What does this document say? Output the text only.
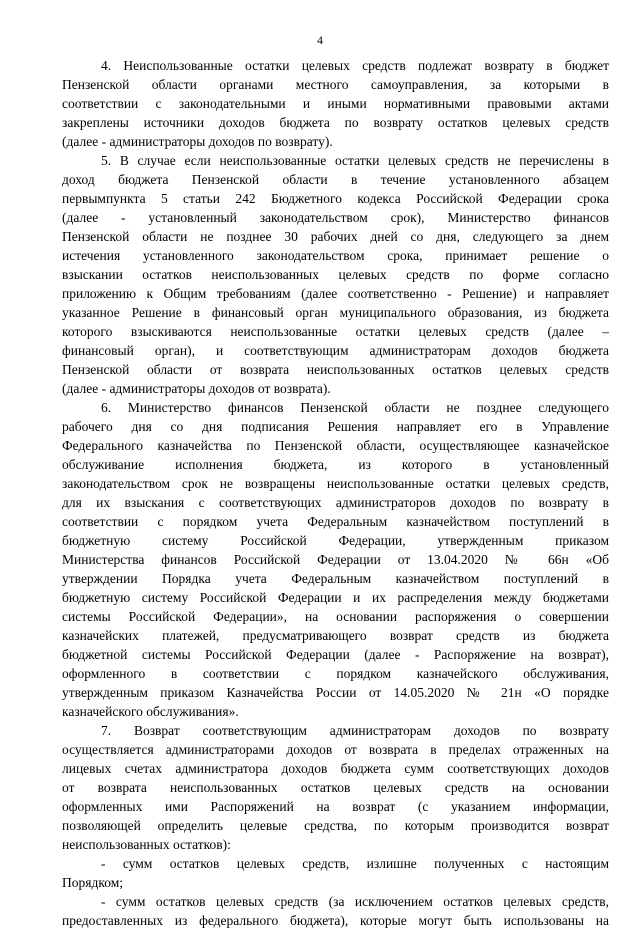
4
4. Неиспользованные остатки целевых средств подлежат возврату в бюджет
Пензенской области органами местного самоуправления, за которыми в
соответствии с законодательными и иными нормативными правовыми актами
закреплены источники доходов бюджета по возврату остатков целевых средств
(далее - администраторы доходов по возврату).
5. В случае если неиспользованные остатки целевых средств не перечислены в
доход бюджета Пензенской области в течение установленного абзацем
первымпункта 5 статьи 242 Бюджетного кодекса Российской Федерации срока
(далее - установленный законодательством срок), Министерство финансов
Пензенской области не позднее 30 рабочих дней со дня, следующего за днем
истечения установленного законодательством срока, принимает решение о
взыскании остатков неиспользованных целевых средств по форме согласно
приложению к Общим требованиям (далее соответственно - Решение) и направляет
указанное Решение в финансовый орган муниципального образования, из бюджета
которого взыскиваются неиспользованные остатки целевых средств (далее –
финансовый орган), и соответствующим администраторам доходов бюджета
Пензенской области от возврата неиспользованных остатков целевых средств
(далее - администраторы доходов от возврата).
6. Министерство финансов Пензенской области не позднее следующего
рабочего дня со дня подписания Решения направляет его в Управление
Федерального казначейства по Пензенской области, осуществляющее казначейское
обслуживание исполнения бюджета, из которого в установленный
законодательством срок не возвращены неиспользованные остатки целевых средств,
для их взыскания с соответствующих администраторов доходов по возврату в
соответствии с порядком учета Федеральным казначейством поступлений в
бюджетную систему Российской Федерации, утвержденным приказом
Министерства финансов Российской Федерации от 13.04.2020 № 66н «Об
утверждении Порядка учета Федеральным казначейством поступлений в
бюджетную систему Российской Федерации и их распределения между бюджетами
системы Российской Федерации», на основании распоряжения о совершении
казначейских платежей, предусматривающего возврат средств из бюджета
бюджетной системы Российской Федерации (далее - Распоряжение на возврат),
оформленного в соответствии с порядком казначейского обслуживания,
утвержденным приказом Казначейства России от 14.05.2020 № 21н «О порядке
казначейского обслуживания».
7. Возврат соответствующим администраторам доходов по возврату
осуществляется администраторами доходов от возврата в пределах отраженных на
лицевых счетах администратора доходов бюджета сумм соответствующих доходов
от возврата неиспользованных остатков целевых средств на основании
оформленных ими Распоряжений на возврат (с указанием информации,
позволяющей определить целевые средства, по которым производится возврат
неиспользованных остатков):
- сумм остатков целевых средств, излишне полученных с настоящим
Порядком;
- сумм остатков целевых средств (за исключением остатков целевых средств,
предоставленных из федерального бюджета), которые могут быть использованы на
